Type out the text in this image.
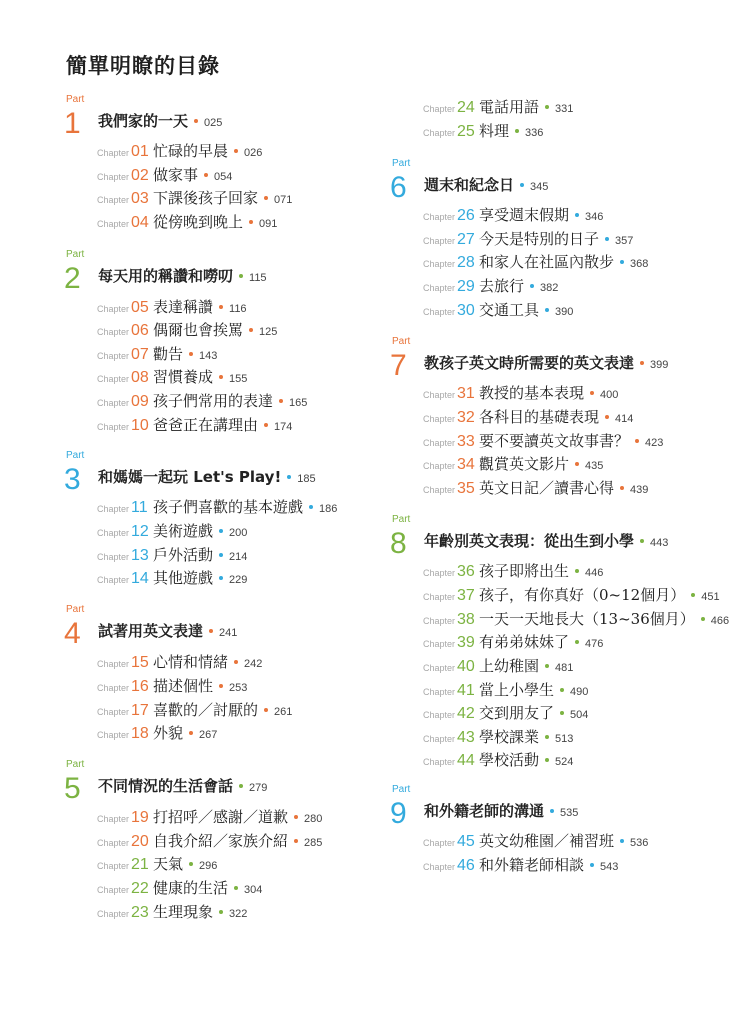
簡單明瞭的目錄
Part
1 我們家的一天 025
Chapter 01 忙碌的早晨 026
Chapter 02 做家事 054
Chapter 03 下課後孩子回家 071
Chapter 04 從傍晚到晚上 091
Part
2 每天用的稱讚和嘮叨 115
Chapter 05 表達稱讚 116
Chapter 06 偶爾也會挨罵 125
Chapter 07 勸告 143
Chapter 08 習慣養成 155
Chapter 09 孩子們常用的表達 165
Chapter 10 爸爸正在講理由 174
Part
3 和媽媽一起玩 Let's Play! 185
Chapter 11 孩子們喜歡的基本遊戲 186
Chapter 12 美術遊戲 200
Chapter 13 戶外活動 214
Chapter 14 其他遊戲 229
Part
4 試著用英文表達 241
Chapter 15 心情和情緒 242
Chapter 16 描述個性 253
Chapter 17 喜歡的／討厭的 261
Chapter 18 外貌 267
Part
5 不同情況的生活會話 279
Chapter 19 打招呼／感謝／道歉 280
Chapter 20 自我介紹／家族介紹 285
Chapter 21 天氣 296
Chapter 22 健康的生活 304
Chapter 23 生理現象 322
Chapter 24 電話用語 331
Chapter 25 料理 336
Part
6 週末和紀念日 345
Chapter 26 享受週末假期 346
Chapter 27 今天是特別的日子 357
Chapter 28 和家人在社區內散步 368
Chapter 29 去旅行 382
Chapter 30 交通工具 390
Part
7 教孩子英文時所需要的英文表達 399
Chapter 31 教授的基本表現 400
Chapter 32 各科目的基礎表現 414
Chapter 33 要不要讀英文故事書？ 423
Chapter 34 觀賞英文影片 435
Chapter 35 英文日記／讀書心得 439
Part
8 年齡別英文表現：從出生到小學 443
Chapter 36 孩子即將出生 446
Chapter 37 孩子，有你真好（0~12個月） 451
Chapter 38 一天一天地長大（13~36個月） 466
Chapter 39 有弟弟妹妹了 476
Chapter 40 上幼稚園 481
Chapter 41 當上小學生 490
Chapter 42 交到朋友了 504
Chapter 43 學校課業 513
Chapter 44 學校活動 524
Part
9 和外籍老師的溝通 535
Chapter 45 英文幼稚園／補習班 536
Chapter 46 和外籍老師相談 543
